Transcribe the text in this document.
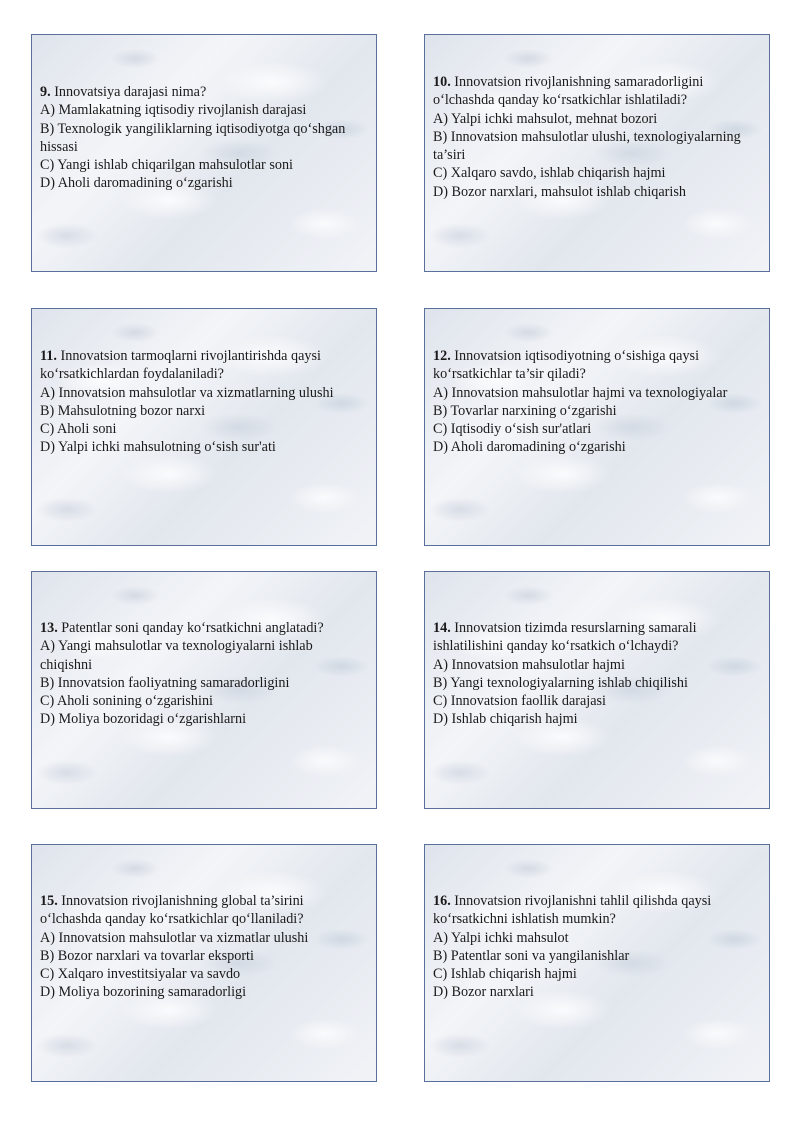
9. Innovatsiya darajasi nima?
A) Mamlakatning iqtisodiy rivojlanish darajasi
B) Texnologik yangiliklarning iqtisodiyotga qo‘shgan hissasi
C) Yangi ishlab chiqarilgan mahsulotlar soni
D) Aholi daromadining o‘zgarishi
10. Innovatsion rivojlanishning samaradorligini o‘lchashda qanday ko‘rsatkichlar ishlatiladi?
A) Yalpi ichki mahsulot, mehnat bozori
B) Innovatsion mahsulotlar ulushi, texnologiyalarning ta’siri
C) Xalqaro savdo, ishlab chiqarish hajmi
D) Bozor narxlari, mahsulot ishlab chiqarish
11. Innovatsion tarmoqlarni rivojlantirishda qaysi ko‘rsatkichlardan foydalaniladi?
A) Innovatsion mahsulotlar va xizmatlarning ulushi
B) Mahsulotning bozor narxi
C) Aholi soni
D) Yalpi ichki mahsulotning o‘sish sur'ati
12. Innovatsion iqtisodiyotning o‘sishiga qaysi ko‘rsatkichlar ta’sir qiladi?
A) Innovatsion mahsulotlar hajmi va texnologiyalar
B) Tovarlar narxining o‘zgarishi
C) Iqtisodiy o‘sish sur'atlari
D) Aholi daromadining o‘zgarishi
13. Patentlar soni qanday ko‘rsatkichni anglatadi?
A) Yangi mahsulotlar va texnologiyalarni ishlab chiqishni
B) Innovatsion faoliyatning samaradorligini
C) Aholi sonining o‘zgarishini
D) Moliya bozoridagi o‘zgarishlarni
14. Innovatsion tizimda resurslarning samarali ishlatilishini qanday ko‘rsatkich o‘lchaydi?
A) Innovatsion mahsulotlar hajmi
B) Yangi texnologiyalarning ishlab chiqilishi
C) Innovatsion faollik darajasi
D) Ishlab chiqarish hajmi
15. Innovatsion rivojlanishning global ta’sirini o‘lchashda qanday ko‘rsatkichlar qo‘llaniladi?
A) Innovatsion mahsulotlar va xizmatlar ulushi
B) Bozor narxlari va tovarlar eksporti
C) Xalqaro investitsiyalar va savdo
D) Moliya bozorining samaradorligi
16. Innovatsion rivojlanishni tahlil qilishda qaysi ko‘rsatkichni ishlatish mumkin?
A) Yalpi ichki mahsulot
B) Patentlar soni va yangilanishlar
C) Ishlab chiqarish hajmi
D) Bozor narxlari
